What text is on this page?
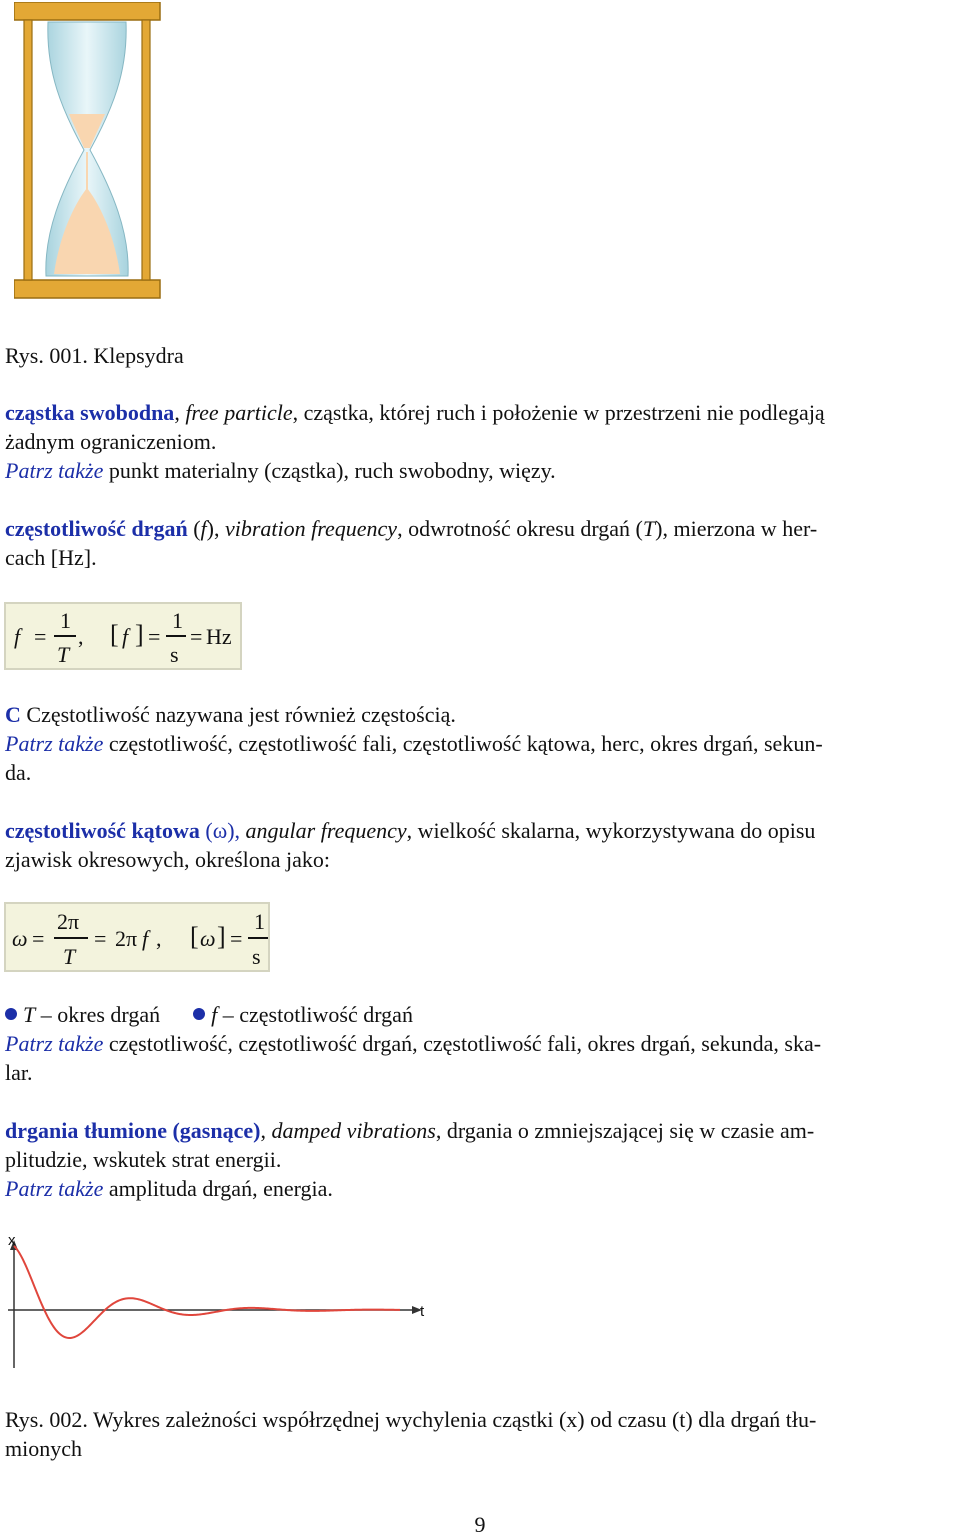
Rys. 001. Klepsydra
cząstka swobodna, free particle, cząstka, której ruch i położenie w przestrzeni nie podlegają
żadnym ograniczeniom.
Patrz także punkt materialny (cząstka), ruch swobodny, więzy.
częstotliwość drgań (f), vibration frequency, odwrotność okresu drgań (T), mierzona w her-
cach [Hz].
f =
1
T
, [ f ] =
1
s
= Hz
C Częstotliwość nazywana jest również częstością.
Patrz także częstotliwość, częstotliwość fali, częstotliwość kątowa, herc, okres drgań, sekun-
da.
częstotliwość kątowa (ω), angular frequency, wielkość skalarna, wykorzystywana do opisu
zjawisk okresowych, określona jako:
ω =
2π
T
= 2π f , [ ω ] =
1
s
T – okres drgań f – częstotliwość drgań
Patrz także częstotliwość, częstotliwość drgań, częstotliwość fali, okres drgań, sekunda, ska-
lar.
drgania tłumione (gasnące), damped vibrations, drgania o zmniejszającej się w czasie am-
plitudzie, wskutek strat energii.
Patrz także amplituda drgań, energia.
x
t
Rys. 002. Wykres zależności współrzędnej wychylenia cząstki (x) od czasu (t) dla drgań tłu-
mionych
9
